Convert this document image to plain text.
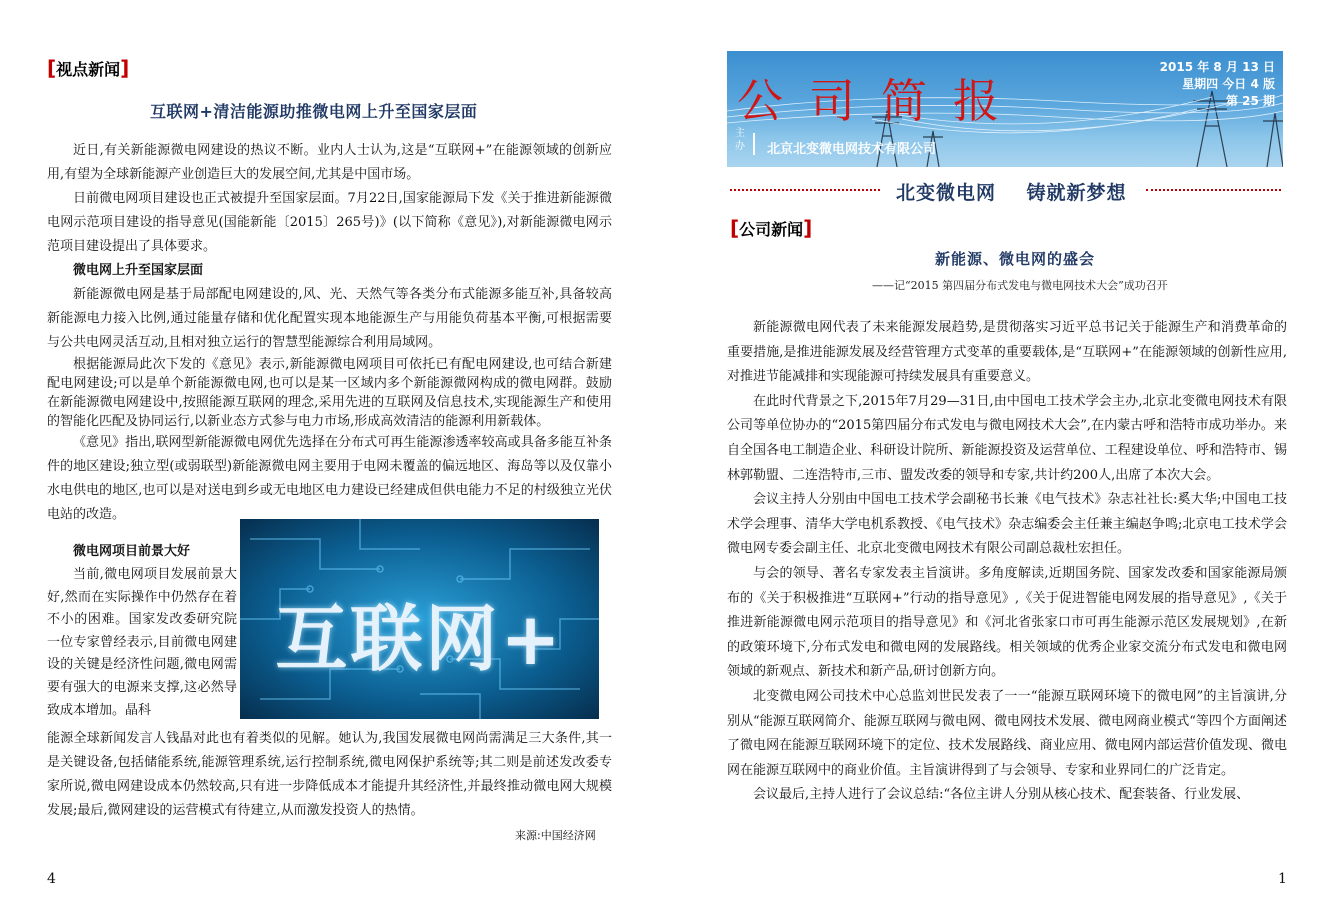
[视点新闻]
互联网+清洁能源助推微电网上升至国家层面

近日,有关新能源微电网建设的热议不断。业内人士认为,这是“互联网+”在能源领域的创新应用,有望为全球新能源产业创造巨大的发展空间,尤其是中国市场。

日前微电网项目建设也正式被提升至国家层面。7月22日,国家能源局下发《关于推进新能源微电网示范项目建设的指导意见(国能新能〔2015〕265号)》(以下简称《意见》),对新能源微电网示范项目建设提出了具体要求。

微电网上升至国家层面

新能源微电网是基于局部配电网建设的,风、光、天然气等各类分布式能源多能互补,具备较高新能源电力接入比例,通过能量存储和优化配置实现本地能源生产与用能负荷基本平衡,可根据需要与公共电网灵活互动,且相对独立运行的智慧型能源综合利用局域网。

根据能源局此次下发的《意见》表示,新能源微电网项目可依托已有配电网建设,也可结合新建配电网建设;可以是单个新能源微电网,也可以是某一区域内多个新能源微网构成的微电网群。鼓励在新能源微电网建设中,按照能源互联网的理念,采用先进的互联网及信息技术,实现能源生产和使用的智能化匹配及协同运行,以新业态方式参与电力市场,形成高效清洁的能源利用新载体。

《意见》指出,联网型新能源微电网优先选择在分布式可再生能源渗透率较高或具备多能互补条件的地区建设;独立型(或弱联型)新能源微电网主要用于电网未覆盖的偏远地区、海岛等以及仅靠小水电供电的地区,也可以是对送电到乡或无电地区电力建设已经建成但供电能力不足的村级独立光伏电站的改造。

微电网项目前景大好

当前,微电网项目发展前景大好,然而在实际操作中仍然存在着不小的困难。国家发改委研究院一位专家曾经表示,目前微电网建设的关键是经济性问题,微电网需要有强大的电源来支撑,这必然导致成本增加。晶科

互联网+
能源全球新闻发言人钱晶对此也有着类似的见解。她认为,我国发展微电网尚需满足三大条件,其一是关键设备,包括储能系统,能源管理系统,运行控制系统,微电网保护系统等;其二则是前述发改委专家所说,微电网建设成本仍然较高,只有进一步降低成本才能提升其经济性,并最终推动微电网大规模发展;最后,微网建设的运营模式有待建立,从而激发投资人的热情。
来源:中国经济网
4
公司简报
2015 年 8 月 13 日
星期四 今日 4 版
第 25 期
主办 北京北变微电网技术有限公司
北变微电网    铸就新梦想
[公司新闻]
新能源、微电网的盛会
——记“2015 第四届分布式发电与微电网技术大会”成功召开

新能源微电网代表了未来能源发展趋势,是贯彻落实习近平总书记关于能源生产和消费革命的重要措施,是推进能源发展及经营管理方式变革的重要载体,是“互联网+”在能源领域的创新性应用,对推进节能减排和实现能源可持续发展具有重要意义。

在此时代背景之下,2015年7月29—31日,由中国电工技术学会主办,北京北变微电网技术有限公司等单位协办的“2015第四届分布式发电与微电网技术大会”,在内蒙古呼和浩特市成功举办。来自全国各电工制造企业、科研设计院所、新能源投资及运营单位、工程建设单位、呼和浩特市、锡林郭勒盟、二连浩特市,三市、盟发改委的领导和专家,共计约200人,出席了本次大会。

会议主持人分别由中国电工技术学会副秘书长兼《电气技术》杂志社社长:奚大华;中国电工技术学会理事、清华大学电机系教授、《电气技术》杂志编委会主任兼主编赵争鸣;北京电工技术学会微电网专委会副主任、北京北变微电网技术有限公司副总裁杜宏担任。

与会的领导、著名专家发表主旨演讲。多角度解读,近期国务院、国家发改委和国家能源局颁布的《关于积极推进“互联网+”行动的指导意见》,《关于促进智能电网发展的指导意见》,《关于推进新能源微电网示范项目的指导意见》和《河北省张家口市可再生能源示范区发展规划》,在新的政策环境下,分布式发电和微电网的发展路线。相关领域的优秀企业家交流分布式发电和微电网领域的新观点、新技术和新产品,研讨创新方向。

北变微电网公司技术中心总监刘世民发表了一一“能源互联网环境下的微电网”的主旨演讲,分别从“能源互联网简介、能源互联网与微电网、微电网技术发展、微电网商业模式“等四个方面阐述了微电网在能源互联网环境下的定位、技术发展路线、商业应用、微电网内部运营价值发现、微电网在能源互联网中的商业价值。主旨演讲得到了与会领导、专家和业界同仁的广泛肯定。

会议最后,主持人进行了会议总结:“各位主讲人分别从核心技术、配套装备、行业发展、

1
